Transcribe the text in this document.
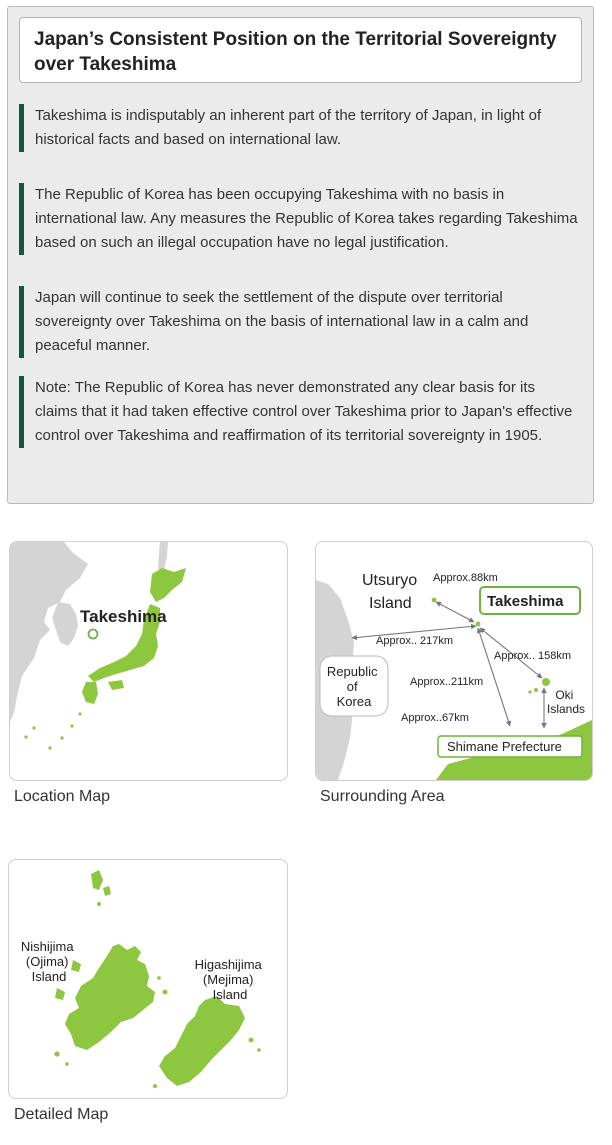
Japan’s Consistent Position on the Territorial Sovereignty over Takeshima
Takeshima is indisputably an inherent part of the territory of Japan, in light of historical facts and based on international law.
The Republic of Korea has been occupying Takeshima with no basis in international law. Any measures the Republic of Korea takes regarding Takeshima based on such an illegal occupation have no legal justification.
Japan will continue to seek the settlement of the dispute over territorial sovereignty over Takeshima on the basis of international law in a calm and peaceful manner.
Note: The Republic of Korea has never demonstrated any clear basis for its claims that it had taken effective control over Takeshima prior to Japan's effective control over Takeshima and reaffirmation of its territorial sovereignty in 1905.
Takeshima
Location Map
Utsuryo Island	Takeshima
Republic of Korea	Oki Islands
Shimane Prefecture
Approx.88km
Approx.. 217km
Approx.. 158km
Approx..211km
Approx..67km
Surrounding Area
Nishijima (Ojima) Island
Higashijima (Mejima) Island
Detailed Map
